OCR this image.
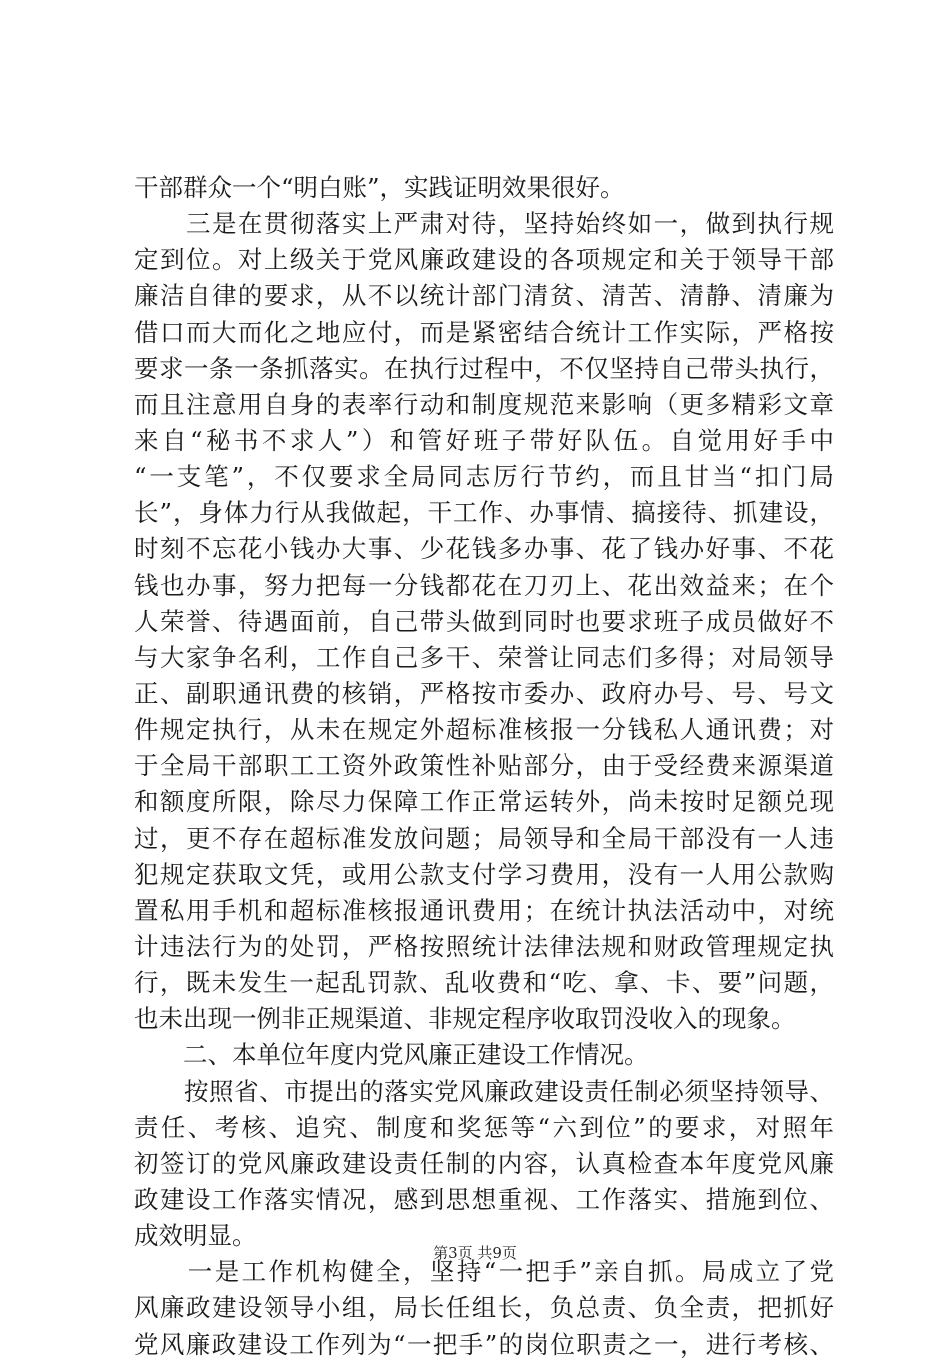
干部群众一个“明白账”，实践证明效果很好。
　　三是在贯彻落实上严肃对待，坚持始终如一，做到执行规
定到位。对上级关于党风廉政建设的各项规定和关于领导干部
廉洁自律的要求，从不以统计部门清贫、清苦、清静、清廉为
借口而大而化之地应付，而是紧密结合统计工作实际，严格按
要求一条一条抓落实。在执行过程中，不仅坚持自己带头执行，
而且注意用自身的表率行动和制度规范来影响（更多精彩文章
来自“秘书不求人”）和管好班子带好队伍。自觉用好手中
“一支笔”，不仅要求全局同志厉行节约，而且甘当“扣门局
长”，身体力行从我做起，干工作、办事情、搞接待、抓建设，
时刻不忘花小钱办大事、少花钱多办事、花了钱办好事、不花
钱也办事，努力把每一分钱都花在刀刃上、花出效益来；在个
人荣誉、待遇面前，自己带头做到同时也要求班子成员做好不
与大家争名利，工作自己多干、荣誉让同志们多得；对局领导
正、副职通讯费的核销，严格按市委办、政府办号、号、号文
件规定执行，从未在规定外超标准核报一分钱私人通讯费；对
于全局干部职工工资外政策性补贴部分，由于受经费来源渠道
和额度所限，除尽力保障工作正常运转外，尚未按时足额兑现
过，更不存在超标准发放问题；局领导和全局干部没有一人违
犯规定获取文凭，或用公款支付学习费用，没有一人用公款购
置私用手机和超标准核报通讯费用；在统计执法活动中，对统
计违法行为的处罚，严格按照统计法律法规和财政管理规定执
行，既未发生一起乱罚款、乱收费和“吃、拿、卡、要”问题，
也未出现一例非正规渠道、非规定程序收取罚没收入的现象。
　　二、本单位年度内党风廉正建设工作情况。
　　按照省、市提出的落实党风廉政建设责任制必须坚持领导、
责任、考核、追究、制度和奖惩等“六到位”的要求，对照年
初签订的党风廉政建设责任制的内容，认真检查本年度党风廉
政建设工作落实情况，感到思想重视、工作落实、措施到位、
成效明显。
　　一是工作机构健全，坚持“一把手”亲自抓。局成立了党
风廉政建设领导小组，局长任组长，负总责、负全责，把抓好
党风廉政建设工作列为“一把手”的岗位职责之一，进行考核、
第3页 共9页
